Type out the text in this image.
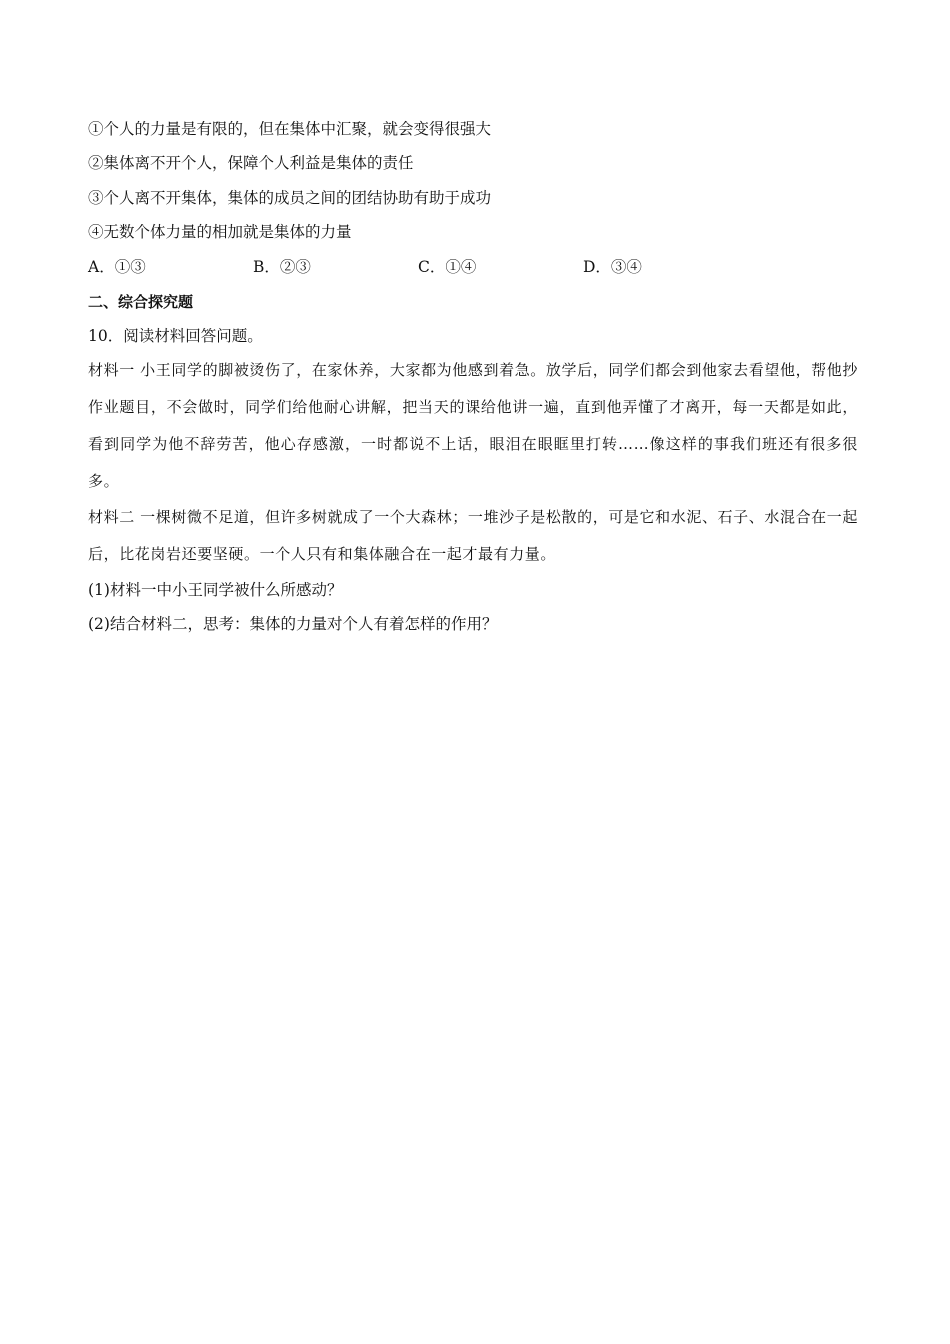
①个人的力量是有限的，但在集体中汇聚，就会变得很强大
②集体离不开个人，保障个人利益是集体的责任
③个人离不开集体，集体的成员之间的团结协助有助于成功
④无数个体力量的相加就是集体的力量
A．①③	B．②③	C．①④	D．③④
二、综合探究题
10．阅读材料回答问题。
材料一 小王同学的脚被烫伤了，在家休养，大家都为他感到着急。放学后，同学们都会到他家去看望他，帮他抄作业题目，不会做时，同学们给他耐心讲解，把当天的课给他讲一遍，直到他弄懂了才离开，每一天都是如此，看到同学为他不辞劳苦，他心存感激，一时都说不上话，眼泪在眼眶里打转……像这样的事我们班还有很多很多。
材料二 一棵树微不足道，但许多树就成了一个大森林；一堆沙子是松散的，可是它和水泥、石子、水混合在一起后，比花岗岩还要坚硬。一个人只有和集体融合在一起才最有力量。
(1)材料一中小王同学被什么所感动？
(2)结合材料二，思考：集体的力量对个人有着怎样的作用？
